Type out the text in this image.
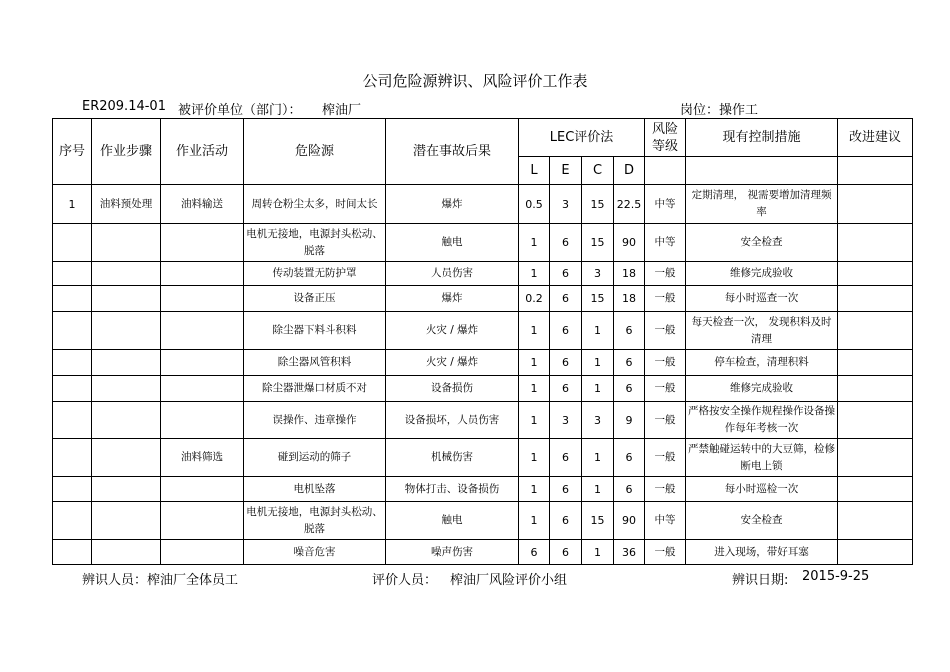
公司危险源辨识、风险评价工作表
ER209.14-01 被评价单位（部门）： 榨油厂	岗位：操作工
序号	作业步骤	作业活动	危险源	潜在事故后果	LEC评价法				风险等级	现有控制措施	改进建议
					L	E	C	D			
1	油料预处理	油料输送	周转仓粉尘太多，时间太长	爆炸	0.5	3	15	22.5	中等	定期清理， 视需要增加清理频率	
			电机无接地，电源封头松动、脱落	触电	1	6	15	90	中等	安全检查	
			传动装置无防护罩	人员伤害	1	6	3	18	一般	维修完成验收	
			设备正压	爆炸	0.2	6	15	18	一般	每小时巡查一次	
			除尘器下料斗积料	火灾 / 爆炸	1	6	1	6	一般	每天检查一次， 发现积料及时清理	
			除尘器风管积料	火灾 / 爆炸	1	6	1	6	一般	停车检查，清理积料	
			除尘器泄爆口材质不对	设备损伤	1	6	1	6	一般	维修完成验收	
			误操作、违章操作	设备损坏，人员伤害	1	3	3	9	一般	严格按安全操作规程操作设备操作每年考核一次	
		油料筛选	碰到运动的筛子	机械伤害	1	6	1	6	一般	严禁触碰运转中的大豆筛，检修断电上锁	
			电机坠落	物体打击、设备损伤	1	6	1	6	一般	每小时巡检一次	
			电机无接地，电源封头松动、脱落	触电	1	6	15	90	中等	安全检查	
			噪音危害	噪声伤害	6	6	1	36	一般	进入现场，带好耳塞	
辨识人员：榨油厂全体员工	评价人员： 榨油厂风险评价小组	辨识日期: 2015-9-25
